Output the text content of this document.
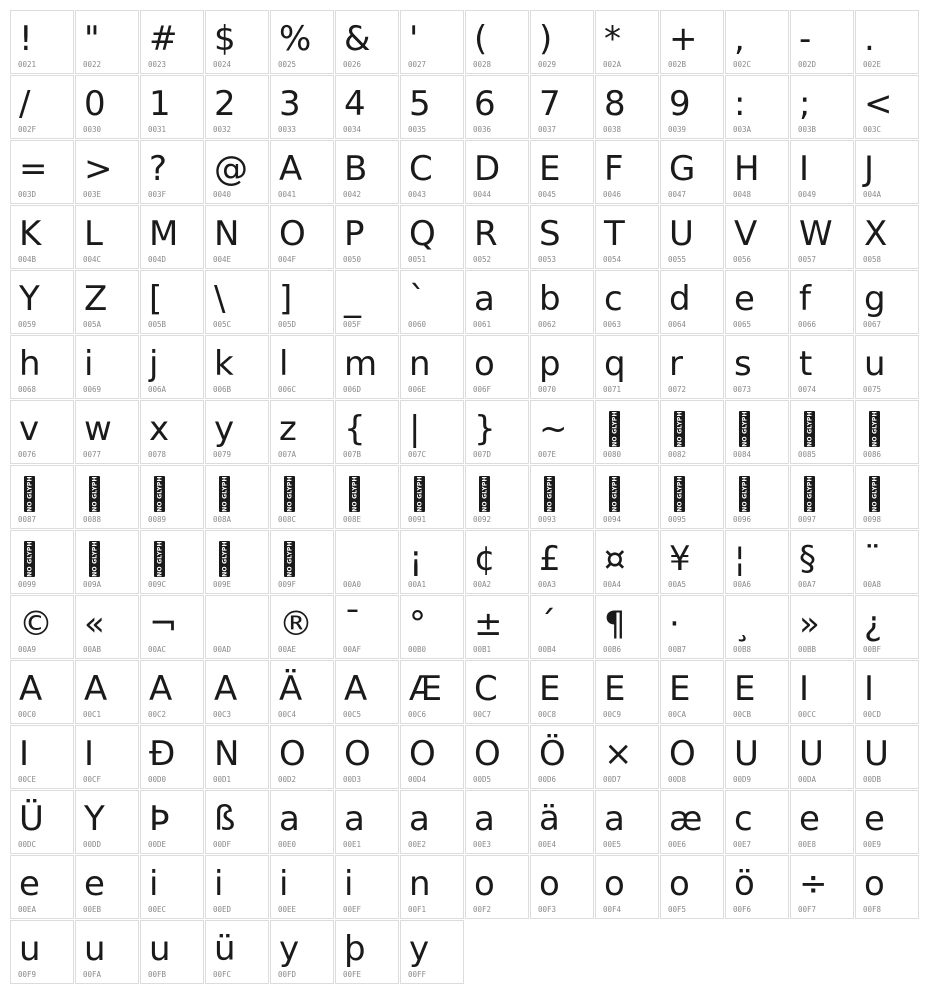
!
0021
"
0022
#
0023
$
0024
%
0025
&
0026
'
0027
(
0028
)
0029
*
002A
+
002B
,
002C
-
002D
.
002E
/
002F
0
0030
1
0031
2
0032
3
0033
4
0034
5
0035
6
0036
7
0037
8
0038
9
0039
:
003A
;
003B
<
003C
=
003D
>
003E
?
003F
@
0040
A
0041
B
0042
C
0043
D
0044
E
0045
F
0046
G
0047
H
0048
I
0049
J
004A
K
004B
L
004C
M
004D
N
004E
O
004F
P
0050
Q
0051
R
0052
S
0053
T
0054
U
0055
V
0056
W
0057
X
0058
Y
0059
Z
005A
[
005B
\
005C
]
005D
_
005F
`
0060
a
0061
b
0062
c
0063
d
0064
e
0065
f
0066
g
0067
h
0068
i
0069
j
006A
k
006B
l
006C
m
006D
n
006E
o
006F
p
0070
q
0071
r
0072
s
0073
t
0074
u
0075
v
0076
w
0077
x
0078
y
0079
z
007A
{
007B
|
007C
}
007D
~
007E
NO GLYPH
0080
NO GLYPH
0082
NO GLYPH
0084
NO GLYPH
0085
NO GLYPH
0086
NO GLYPH
0087
NO GLYPH
0088
NO GLYPH
0089
NO GLYPH
008A
NO GLYPH
008C
NO GLYPH
008E
NO GLYPH
0091
NO GLYPH
0092
NO GLYPH
0093
NO GLYPH
0094
NO GLYPH
0095
NO GLYPH
0096
NO GLYPH
0097
NO GLYPH
0098
NO GLYPH
0099
NO GLYPH
009A
NO GLYPH
009C
NO GLYPH
009E
NO GLYPH
009F	00A0
¡
00A1
¢
00A2
£
00A3
¤
00A4
¥
00A5
¦
00A6
§
00A7
¨
00A8
©
00A9
«
00AB
¬
00AC	00AD
®
00AE
¯
00AF
°
00B0
±
00B1
´
00B4
¶
00B6
·
00B7
¸
00B8
»
00BB
¿
00BF
A
00C0
A
00C1
A
00C2
A
00C3
Ä
00C4
A
00C5
Æ
00C6
C
00C7
E
00C8
E
00C9
E
00CA
E
00CB
I
00CC
I
00CD
I
00CE
I
00CF
Đ
00D0
N
00D1
O
00D2
O
00D3
O
00D4
O
00D5
Ö
00D6
×
00D7
O
00D8
U
00D9
U
00DA
U
00DB
Ü
00DC
Y
00DD
Þ
00DE
ß
00DF
a
00E0
a
00E1
a
00E2
a
00E3
ä
00E4
a
00E5
æ
00E6
c
00E7
e
00E8
e
00E9
e
00EA
e
00EB
i
00EC
i
00ED
i
00EE
i
00EF
n
00F1
o
00F2
o
00F3
o
00F4
o
00F5
ö
00F6
÷
00F7
o
00F8
u
00F9
u
00FA
u
00FB
ü
00FC
y
00FD
þ
00FE
y
00FF
